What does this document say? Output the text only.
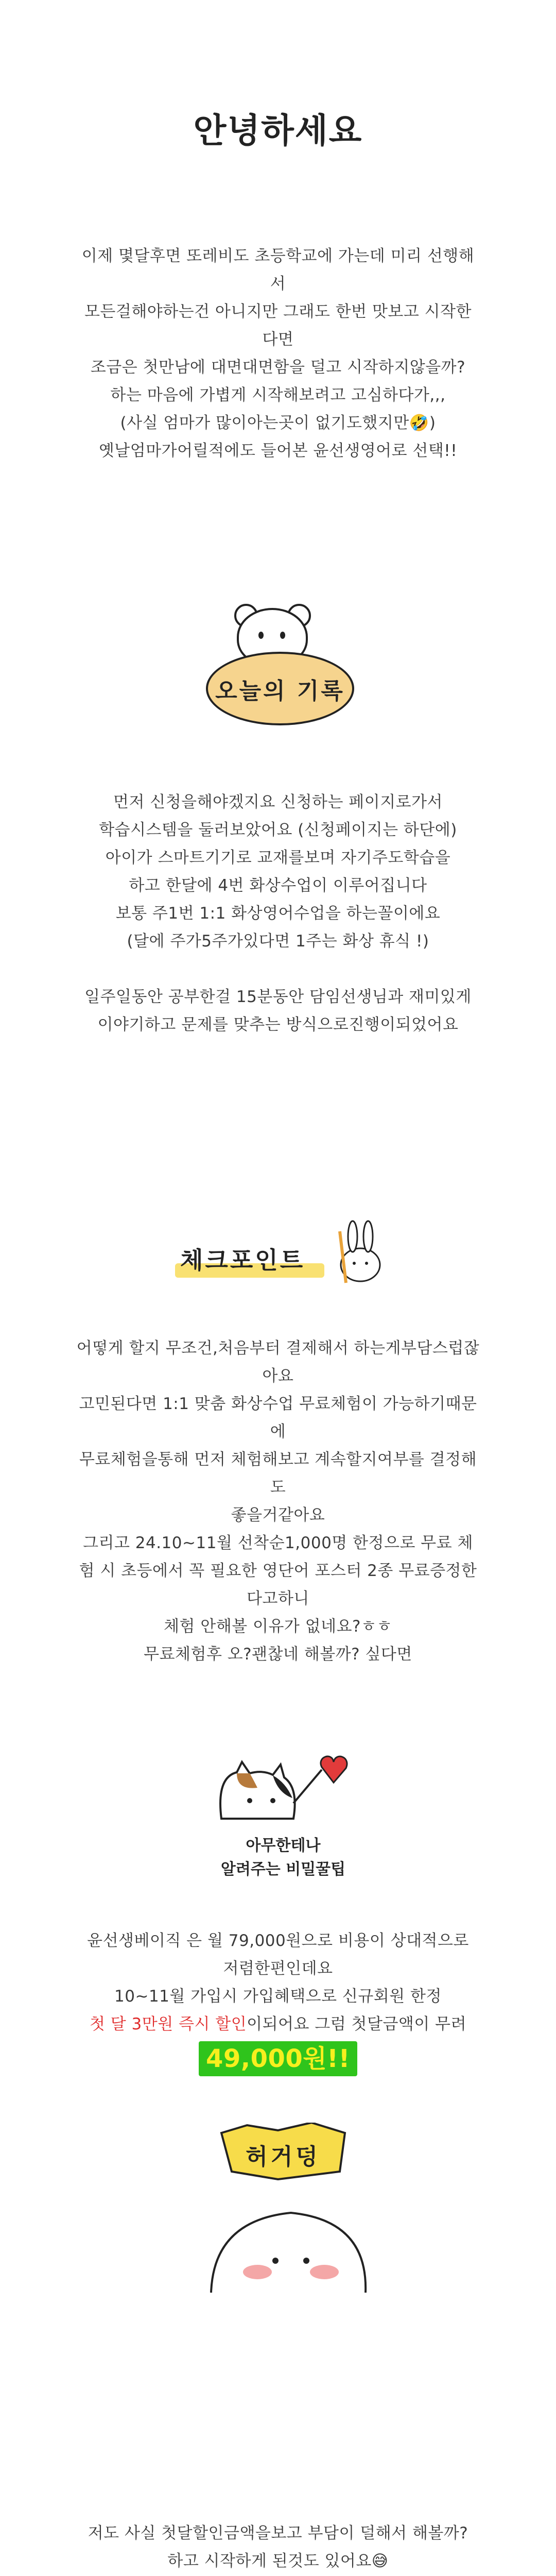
안녕하세요

이제 몇달후면 또레비도 초등학교에 가는데 미리 선행해

서

모든걸해야하는건 아니지만 그래도 한번 맛보고 시작한

다면

조금은 첫만남에 대면대면함을 덜고 시작하지않을까?

하는 마음에 가볍게 시작해보려고 고심하다가,,,

(사실 엄마가 많이아는곳이 없기도했지만🤣)

옛날엄마가어릴적에도 들어본 윤선생영어로 선택!!

오늘의 기록

먼저 신청을해야겠지요 신청하는 페이지로가서

학습시스템을 둘러보았어요 (신청페이지는 하단에)

아이가 스마트기기로 교재를보며 자기주도학습을

하고 한달에 4번 화상수업이 이루어집니다

보통 주1번 1:1 화상영어수업을 하는꼴이에요

(달에 주가5주가있다면 1주는 화상 휴식 !)

일주일동안 공부한걸 15분동안 담임선생님과 재미있게

이야기하고 문제를 맞추는 방식으로진행이되었어요

체크포인트

어떻게 할지 무조건,처음부터 결제해서 하는게부담스럽잖

아요

고민된다면 1:1 맞춤 화상수업 무료체험이 가능하기때문

에

무료체험을통해 먼저 체험해보고 계속할지여부를 결정해

도

좋을거같아요

그리고 24.10~11월 선착순1,000명 한정으로 무료 체

험 시 초등에서 꼭 필요한 영단어 포스터 2종 무료증정한

다고하니

체험 안해볼 이유가 없네요?ㅎㅎ

무료체험후 오?괜찮네 해볼까? 싶다면

아무한테나
알려주는 비밀꿀팁

윤선생베이직 은 월 79,000원으로 비용이 상대적으로

저렴한편인데요

10~11월 가입시 가입혜택으로 신규회원 한정

첫 달 3만원 즉시 할인이되어요 그럼 첫달금액이 무려

49,000원!!

허거덩

저도 사실 첫달할인금액을보고 부담이 덜해서 해볼까?

하고 시작하게 된것도 있어요😅
